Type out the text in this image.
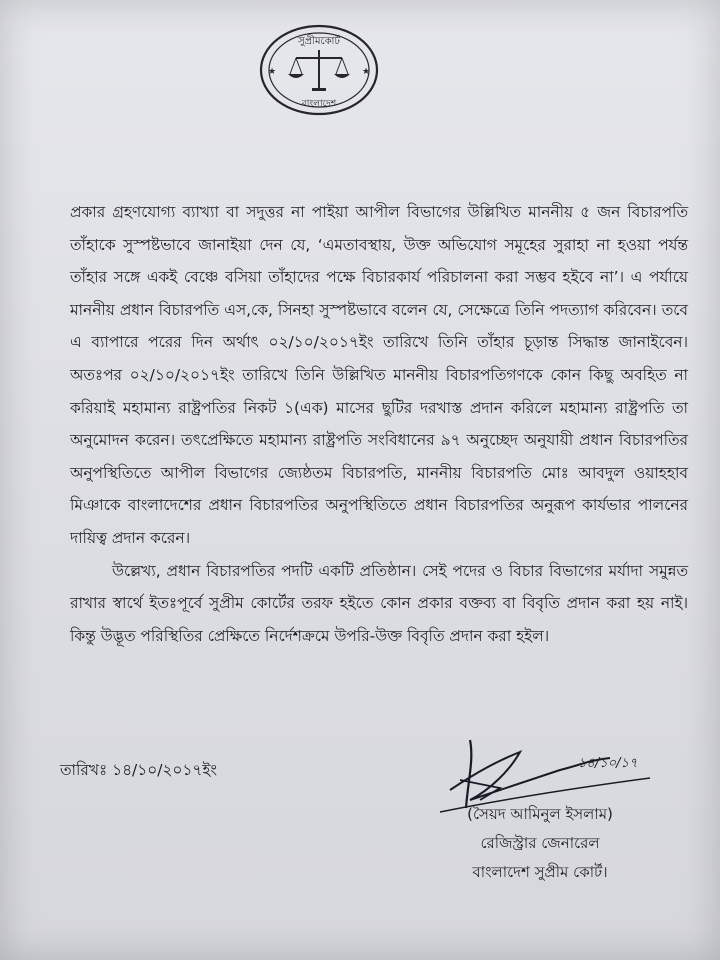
★	★
সুপ্রীমকোর্ট
বাংলাদেশ

প্রকার গ্রহণযোগ্য ব্যাখ্যা বা সদুত্তর না পাইয়া আপীল বিভাগের উল্লিখিত মাননীয় ৫ জন বিচারপতি তাঁহাকে সুস্পষ্টভাবে জানাইয়া দেন যে, ‘এমতাবস্থায়, উক্ত অভিযোগ সমূহের সুরাহা না হওয়া পর্যন্ত তাঁহার সঙ্গে একই বেঞ্চে বসিয়া তাঁহাদের পক্ষে বিচারকার্য পরিচালনা করা সম্ভব হইবে না’। এ পর্যায়ে মাননীয় প্রধান বিচারপতি এস,কে, সিনহা সুস্পষ্টভাবে বলেন যে, সেক্ষেত্রে তিনি পদত্যাগ করিবেন। তবে এ ব্যাপারে পরের দিন অর্থাৎ ০২/১০/২০১৭ইং তারিখে তিনি তাঁহার চূড়ান্ত সিদ্ধান্ত জানাইবেন। অতঃপর ০২/১০/২০১৭ইং তারিখে তিনি উল্লিখিত মাননীয় বিচারপতিগণকে কোন কিছু অবহিত না করিয়াই মহামান্য রাষ্ট্রপতির নিকট ১(এক) মাসের ছুটির দরখাস্ত প্রদান করিলে মহামান্য রাষ্ট্রপতি তা অনুমোদন করেন। তৎপ্রেক্ষিতে মহামান্য রাষ্ট্রপতি সংবিধানের ৯৭ অনুচ্ছেদ অনুযায়ী প্রধান বিচারপতির অনুপস্থিতিতে আপীল বিভাগের জ্যেষ্ঠতম বিচারপতি, মাননীয় বিচারপতি মোঃ আবদুল ওয়াহহাব মিঞাকে বাংলাদেশের প্রধান বিচারপতির অনুপস্থিতিতে প্রধান বিচারপতির অনুরূপ কার্যভার পালনের দায়িত্ব প্রদান করেন।

উল্লেখ্য, প্রধান বিচারপতির পদটি একটি প্রতিষ্ঠান। সেই পদের ও বিচার বিভাগের মর্যাদা সমুন্নত রাখার স্বার্থে ইতঃপূর্বে সুপ্রীম কোর্টের তরফ হইতে কোন প্রকার বক্তব্য বা বিবৃতি প্রদান করা হয় নাই। কিন্তু উদ্ভূত পরিস্থিতির প্রেক্ষিতে নির্দেশক্রমে উপরি-উক্ত বিবৃতি প্রদান করা হইল।

তারিখঃ ১৪/১০/২০১৭ইং	১৪/১০/১৭
(সৈয়দ আমিনুল ইসলাম)
রেজিস্ট্রার জেনারেল
বাংলাদেশ সুপ্রীম কোর্ট।
